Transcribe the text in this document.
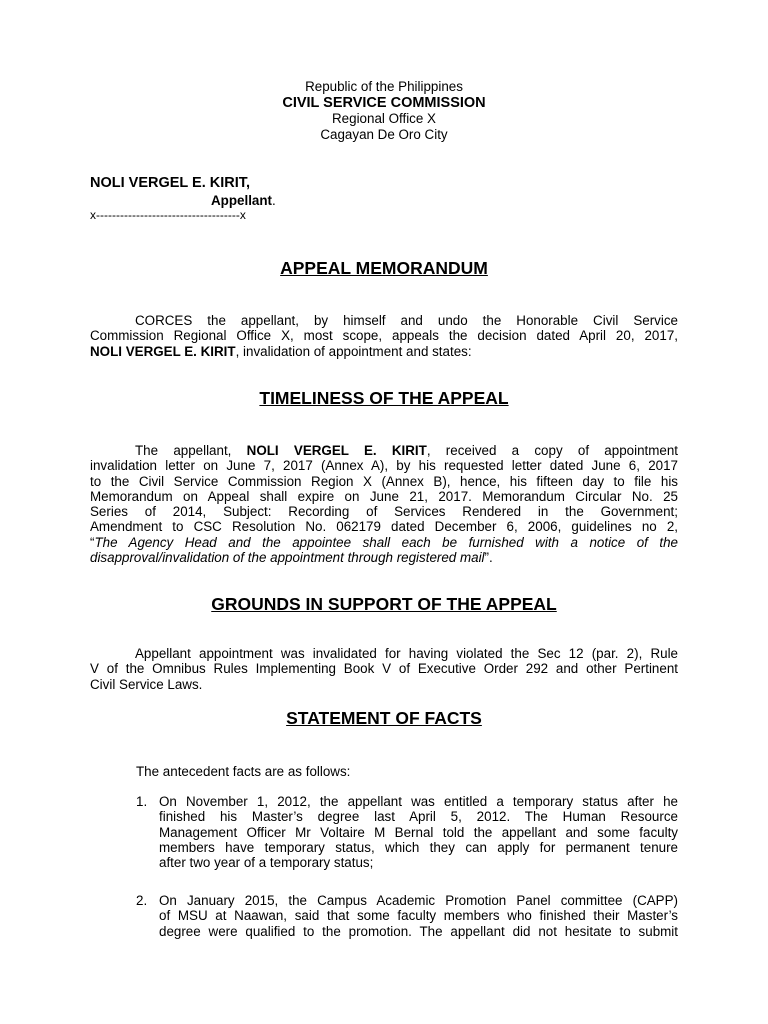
Republic of the Philippines
CIVIL SERVICE COMMISSION
Regional Office X
Cagayan De Oro City
NOLI VERGEL E. KIRIT,
Appellant.
x------------------------------------x
APPEAL MEMORANDUM
CORCES the appellant, by himself and undo the Honorable Civil Service
Commission Regional Office X, most scope, appeals the decision dated April 20, 2017,
NOLI VERGEL E. KIRIT, invalidation of appointment and states:
TIMELINESS OF THE APPEAL
The appellant, NOLI VERGEL E. KIRIT, received a copy of appointment
invalidation letter on June 7, 2017 (Annex A), by his requested letter dated June 6, 2017
to the Civil Service Commission Region X (Annex B), hence, his fifteen day to file his
Memorandum on Appeal shall expire on June 21, 2017. Memorandum Circular No. 25
Series of 2014, Subject: Recording of Services Rendered in the Government;
Amendment to CSC Resolution No. 062179 dated December 6, 2006, guidelines no 2,
“The Agency Head and the appointee shall each be furnished with a notice of the
disapproval/invalidation of the appointment through registered mail”.
GROUNDS IN SUPPORT OF THE APPEAL
Appellant appointment was invalidated for having violated the Sec 12 (par. 2), Rule
V of the Omnibus Rules Implementing Book V of Executive Order 292 and other Pertinent
Civil Service Laws.
STATEMENT OF FACTS
The antecedent facts are as follows:
1. On November 1, 2012, the appellant was entitled a temporary status after he
finished his Master’s degree last April 5, 2012. The Human Resource
Management Officer Mr Voltaire M Bernal told the appellant and some faculty
members have temporary status, which they can apply for permanent tenure
after two year of a temporary status;
2. On January 2015, the Campus Academic Promotion Panel committee (CAPP)
of MSU at Naawan, said that some faculty members who finished their Master’s
degree were qualified to the promotion. The appellant did not hesitate to submit
